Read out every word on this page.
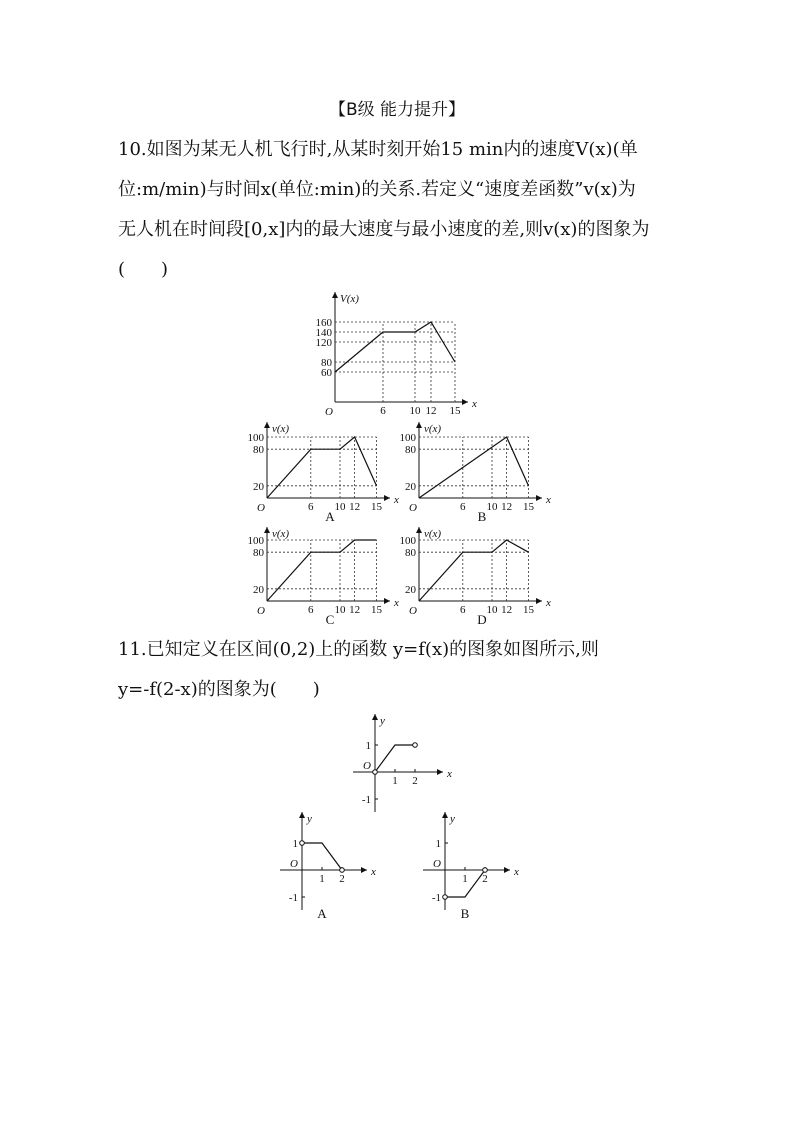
【B级 能力提升】
10.如图为某无人机飞行时,从某时刻开始15 min内的速度V(x)(单
位:m/min)与时间x(单位:min)的关系.若定义“速度差函数”v(x)为
无人机在时间段[0,x]内的最大速度与最小速度的差,则v(x)的图象为
(　　)
11.已知定义在区间(0,2)上的函数 y=f(x)的图象如图所示,则
y=-f(2-x)的图象为(　　)
V(x)
x
O	6 10 12 15
60
80
120
140
160
v(x)
x
O	6 10 12 15
20
80
100
A
v(x)
x
O	6 10 12 15
20
80
100
B
v(x)
x
O	6 10 12 15
20
80
100
C
v(x)
x
O	6 10 12 15
20
80
100
D
y
x
O
1 2
1
-1
y
x
O
1 2
1
-1
A
y
x
O
1 2
1
-1
B
